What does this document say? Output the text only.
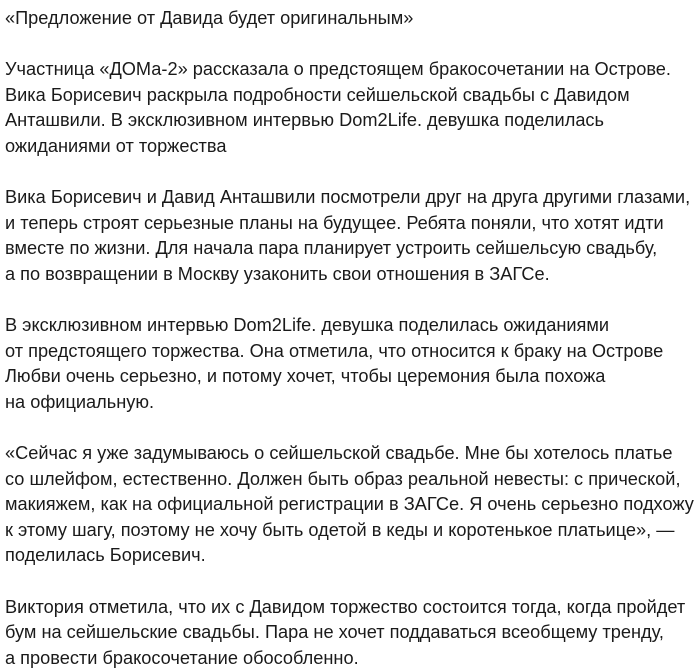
«Предложение от Давида будет оригинальным»

Участница «ДОМа-2» рассказала о предстоящем бракосочетании на Острове.
Вика Борисевич раскрыла подробности сейшельской свадьбы с Давидом
Анташвили. В эксклюзивном интервью Dom2Life. девушка поделилась
ожиданиями от торжества

Вика Борисевич и Давид Анташвили посмотрели друг на друга другими глазами,
и теперь строят серьезные планы на будущее. Ребята поняли, что хотят идти
вместе по жизни. Для начала пара планирует устроить сейшельсую свадьбу,
а по возвращении в Москву узаконить свои отношения в ЗАГСе.

В эксклюзивном интервью Dom2Life. девушка поделилась ожиданиями
от предстоящего торжества. Она отметила, что относится к браку на Острове
Любви очень серьезно, и потому хочет, чтобы церемония была похожа
на официальную.

«Сейчас я уже задумываюсь о сейшельской свадьбе. Мне бы хотелось платье
со шлейфом, естественно. Должен быть образ реальной невесты: с прической,
макияжем, как на официальной регистрации в ЗАГСе. Я очень серьезно подхожу
к этому шагу, поэтому не хочу быть одетой в кеды и коротенькое платьице», —
поделилась Борисевич.

Виктория отметила, что их с Давидом торжество состоится тогда, когда пройдет
бум на сейшельские свадьбы. Пара не хочет поддаваться всеобщему тренду,
а провести бракосочетание обособленно.
